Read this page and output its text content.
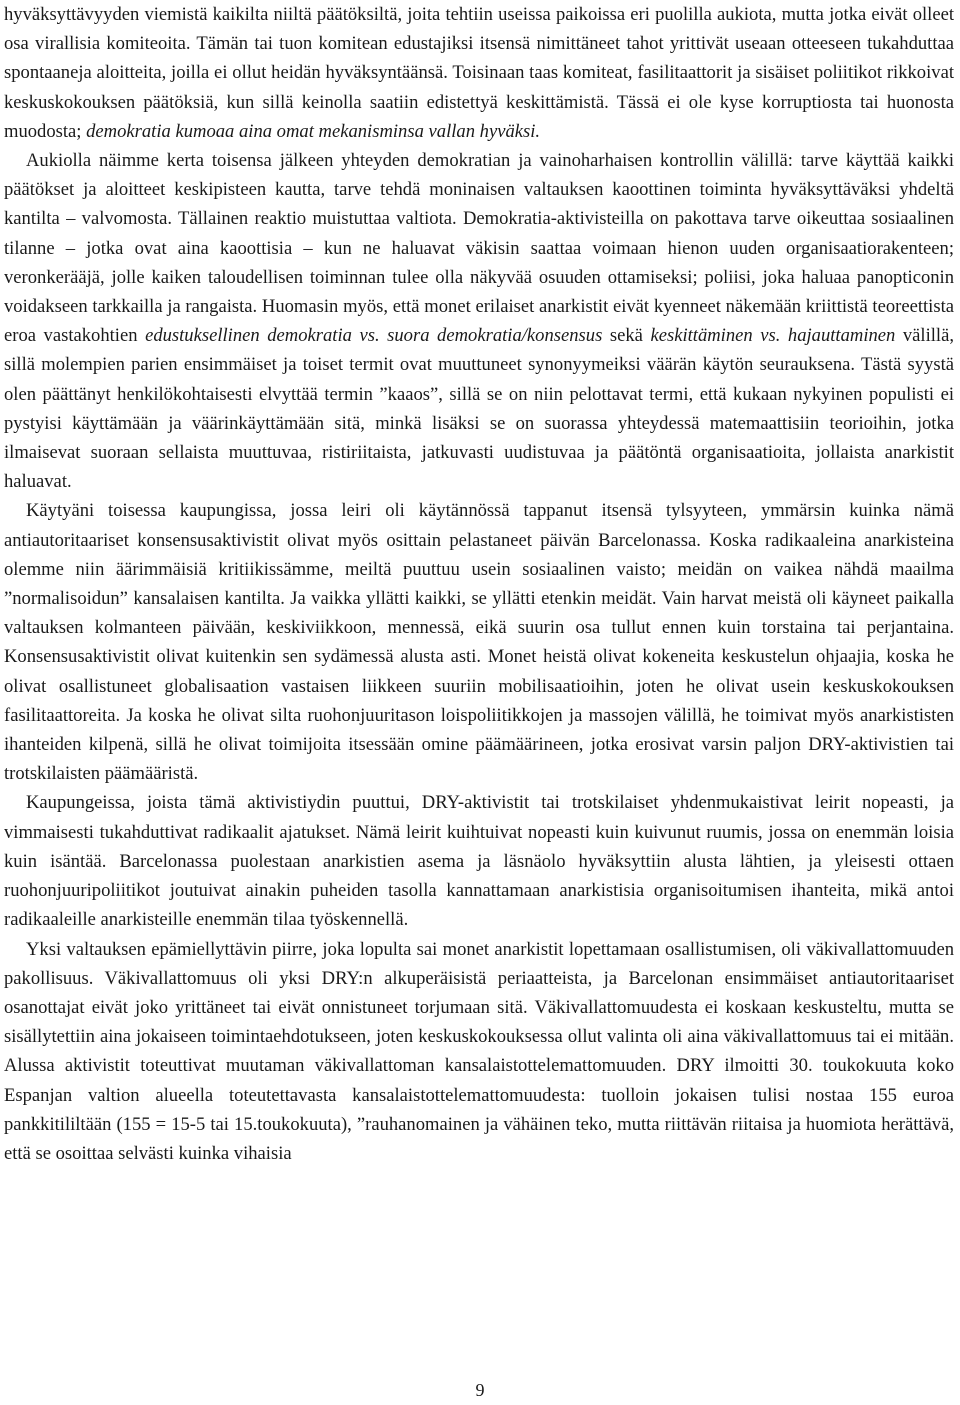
hyväksyttävyyden viemistä kaikilta niiltä päätöksiltä, joita tehtiin useissa paikoissa eri puolilla aukiota, mutta jotka eivät olleet osa virallisia komiteoita. Tämän tai tuon komitean edustajiksi itsensä nimittäneet tahot yrittivät useaan otteeseen tukahduttaa spontaaneja aloitteita, joilla ei ollut heidän hyväksyntäänsä. Toisinaan taas komiteat, fasilitaattorit ja sisäiset poliitikot rikkoivat keskuskokouksen päätöksiä, kun sillä keinolla saatiin edistettyä keskittämistä. Tässä ei ole kyse korruptiosta tai huonosta muodosta; demokratia kumoaa aina omat mekanisminsa vallan hyväksi.

Aukiolla näimme kerta toisensa jälkeen yhteyden demokratian ja vainoharhaisen kontrollin välillä: tarve käyttää kaikki päätökset ja aloitteet keskipisteen kautta, tarve tehdä moninaisen valtauksen kaoottinen toiminta hyväksyttäväksi yhdeltä kantilta – valvomosta. Tällainen reaktio muistuttaa valtiota. Demokratia-aktivisteilla on pakottava tarve oikeuttaa sosiaalinen tilanne – jotka ovat aina kaoottisia – kun ne haluavat väkisin saattaa voimaan hienon uuden organisaatiorakenteen; veronkerääjä, jolle kaiken taloudellisen toiminnan tulee olla näkyvää osuuden ottamiseksi; poliisi, joka haluaa panopticonin voidakseen tarkkailla ja rangaista. Huomasin myös, että monet erilaiset anarkistit eivät kyenneet näkemään kriittistä teoreettista eroa vastakohtien edustuksellinen demokratia vs. suora demokratia/konsensus sekä keskittäminen vs. hajauttaminen välillä, sillä molempien parien ensimmäiset ja toiset termit ovat muuttuneet synonyymeiksi väärän käytön seurauksena. Tästä syystä olen päättänyt henkilökohtaisesti elvyttää termin ”kaaos”, sillä se on niin pelottavat termi, että kukaan nykyinen populisti ei pystyisi käyttämään ja väärinkäyttämään sitä, minkä lisäksi se on suorassa yhteydessä matemaattisiin teorioihin, jotka ilmaisevat suoraan sellaista muuttuvaa, ristiriitaista, jatkuvasti uudistuvaa ja päätöntä organisaatioita, jollaista anarkistit haluavat.

Käytyäni toisessa kaupungissa, jossa leiri oli käytännössä tappanut itsensä tylsyyteen, ymmärsin kuinka nämä antiautoritaariset konsensusaktivistit olivat myös osittain pelastaneet päivän Barcelonassa. Koska radikaaleina anarkisteina olemme niin äärimmäisiä kritiikissämme, meiltä puuttuu usein sosiaalinen vaisto; meidän on vaikea nähdä maailma ”normalisoidun” kansalaisen kantilta. Ja vaikka yllätti kaikki, se yllätti etenkin meidät. Vain harvat meistä oli käyneet paikalla valtauksen kolmanteen päivään, keskiviikkoon, mennessä, eikä suurin osa tullut ennen kuin torstaina tai perjantaina. Konsensusaktivistit olivat kuitenkin sen sydämessä alusta asti. Monet heistä olivat kokeneita keskustelun ohjaajia, koska he olivat osallistuneet globalisaation vastaisen liikkeen suuriin mobilisaatioihin, joten he olivat usein keskuskokouksen fasilitaattoreita. Ja koska he olivat silta ruohonjuuritason loispoliitikkojen ja massojen välillä, he toimivat myös anarkististen ihanteiden kilpenä, sillä he olivat toimijoita itsessään omine päämäärineen, jotka erosivat varsin paljon DRY-aktivistien tai trotskilaisten päämääristä.

Kaupungeissa, joista tämä aktivistiydin puuttui, DRY-aktivistit tai trotskilaiset yhdenmukaistivat leirit nopeasti, ja vimmaisesti tukahduttivat radikaalit ajatukset. Nämä leirit kuihtuivat nopeasti kuin kuivunut ruumis, jossa on enemmän loisia kuin isäntää. Barcelonassa puolestaan anarkistien asema ja läsnäolo hyväksyttiin alusta lähtien, ja yleisesti ottaen ruohonjuuripoliitikot joutuivat ainakin puheiden tasolla kannattamaan anarkistisia organisoitumisen ihanteita, mikä antoi radikaaleille anarkisteille enemmän tilaa työskennellä.

Yksi valtauksen epämiellyttävin piirre, joka lopulta sai monet anarkistit lopettamaan osallistumisen, oli väkivallattomuuden pakollisuus. Väkivallattomuus oli yksi DRY:n alkuperäisistä periaatteista, ja Barcelonan ensimmäiset antiautoritaariset osanottajat eivät joko yrittäneet tai eivät onnistuneet torjumaan sitä. Väkivallattomuudesta ei koskaan keskusteltu, mutta se sisällytettiin aina jokaiseen toimintaehdotukseen, joten keskuskokouksessa ollut valinta oli aina väkivallattomuus tai ei mitään. Alussa aktivistit toteuttivat muutaman väkivallattoman kansalaistottelemattomuuden. DRY ilmoitti 30. toukokuuta koko Espanjan valtion alueella toteutettavasta kansalaistottelemattomuudesta: tuolloin jokaisen tulisi nostaa 155 euroa pankkitililtään (155 = 15-5 tai 15.toukokuuta), ”rauhanomainen ja vähäinen teko, mutta riittävän riitaisa ja huomiota herättävä, että se osoittaa selvästi kuinka vihaisia

9
